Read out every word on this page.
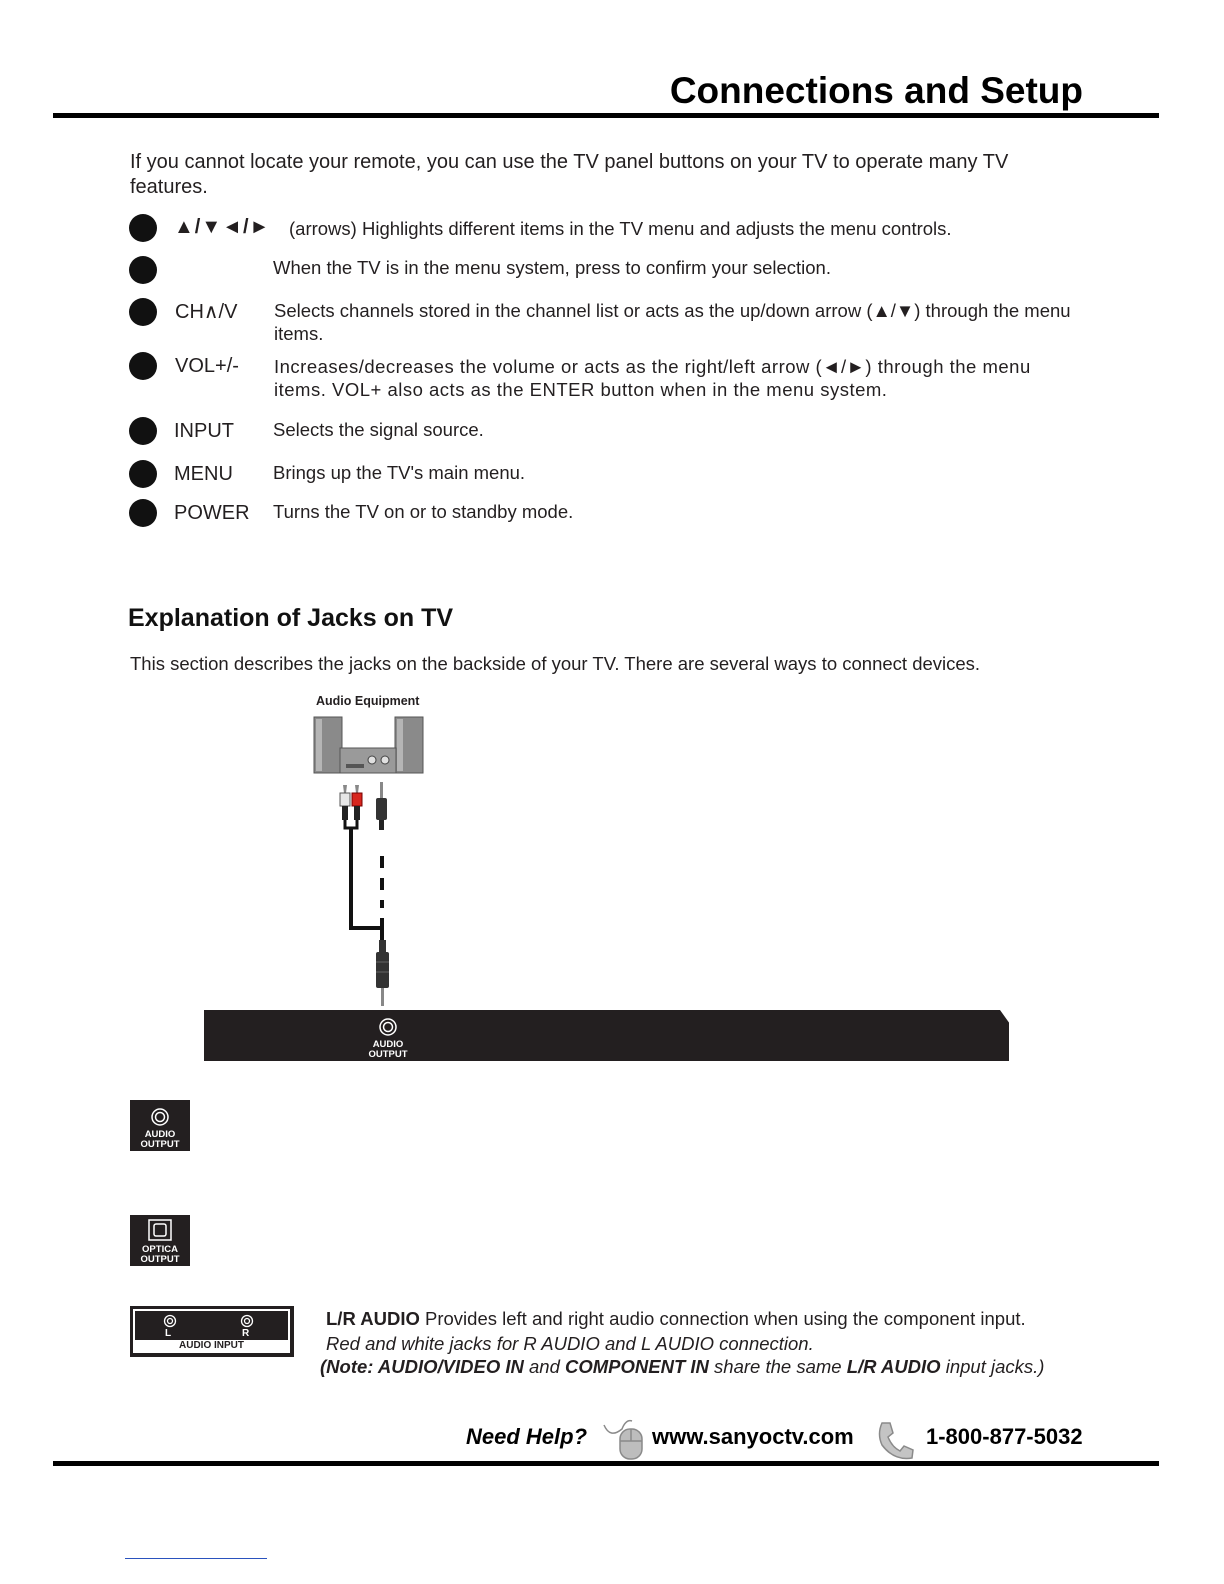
Connections and Setup
If you cannot locate your remote, you can use the TV panel buttons on your TV to operate many TV features.
▲/▼◄/► (arrows) Highlights different items in the TV menu and adjusts the menu controls.
When the TV is in the menu system, press to confirm your selection.
CH∧/V Selects channels stored in the channel list or acts as the up/down arrow (▲/▼) through the menu items.
VOL+/- Increases/decreases the volume or acts as the right/left arrow (◄/►) through the menu items. VOL+ also acts as the ENTER button when in the menu system.
INPUT Selects the signal source.
MENU Brings up the TV's main menu.
POWER Turns the TV on or to standby mode.
Explanation of Jacks on TV
This section describes the jacks on the backside of your TV. There are several ways to connect devices.
Audio Equipment
AUDIO
OUTPUT
AUDIO
OUTPUT
OPTICA
OUTPUT
L	R
AUDIO INPUT
L/R AUDIO Provides left and right audio connection when using the component input.
Red and white jacks for R AUDIO and L AUDIO connection.
(Note: AUDIO/VIDEO IN and COMPONENT IN share the same L/R AUDIO input jacks.)
Need Help?	www.sanyoctv.com	1-800-877-5032
